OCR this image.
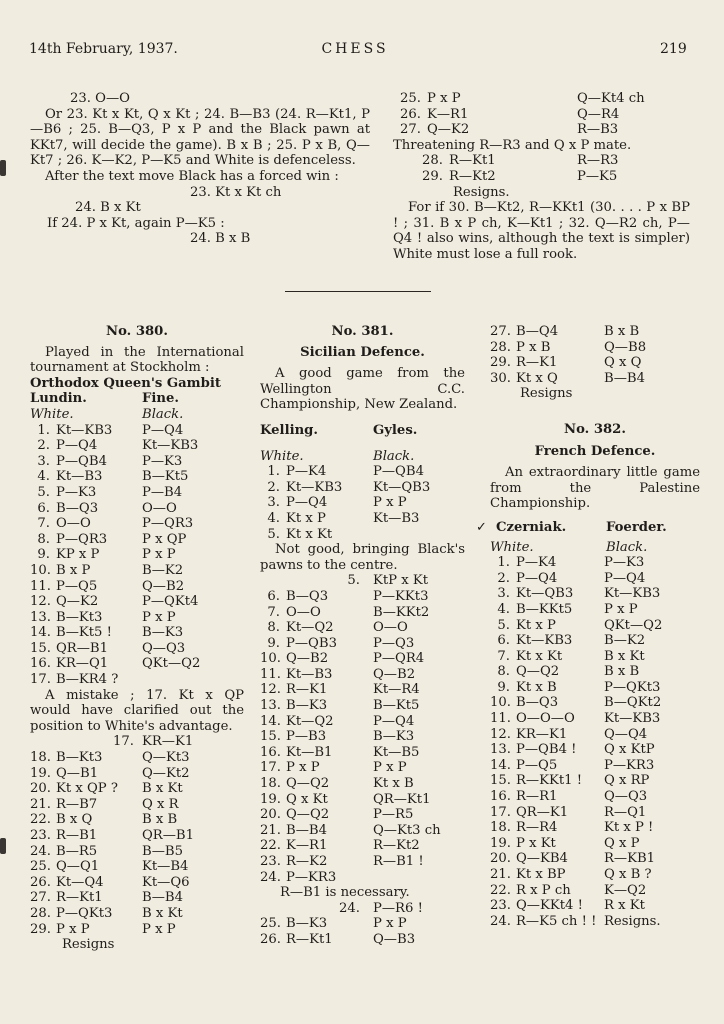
14th February, 1937.	CHESS	219
23. O—O
Or 23. Kt x Kt, Q x Kt ; 24. B—B3 (24. R—Kt1, P—B6 ; 25. B—Q3, P x P and the Black pawn at KKt7, will decide the game). B x B ; 25. P x B, Q—Kt7 ; 26. K—K2, P—K5 and White is defenceless.
After the text move Black has a forced win :
23. Kt x Kt ch
24. B x Kt
If 24. P x Kt, again P—K5 :
24. B x B
25. P x P	Q—Kt4 ch
26. K—R1	Q—R4
27. Q—K2	R—B3
Threatening R—R3 and Q x P mate.
28. R—Kt1	R—R3
29. R—Kt2	P—K5
Resigns.
For if 30. B—Kt2, R—KKt1 (30. . . . P x BP ! ; 31. B x P ch, K—Kt1 ; 32. Q—R2 ch, P—Q4 ! also wins, although the text is simpler) White must lose a full rook.
No. 380.
Played in the International tournament at Stockholm :
Orthodox Queen's Gambit
Lundin.	Fine.
White.	Black.
1. Kt—KB3	P—Q4
2. P—Q4	Kt—KB3
3. P—QB4	P—K3
4. Kt—B3	B—Kt5
5. P—K3	P—B4
6. B—Q3	O—O
7. O—O	P—QR3
8. P—QR3	P x QP
9. KP x P	P x P
10. B x P	B—K2
11. P—Q5	Q—B2
12. Q—K2	P—QKt4
13. B—Kt3	P x P
14. B—Kt5 !	B—K3
15. QR—B1	Q—Q3
16. KR—Q1	QKt—Q2
17. B—KR4 ?
A mistake ; 17. Kt x QP would have clarified out the position to White's advantage.
17. KR—K1
18. B—Kt3	Q—Kt3
19. Q—B1	Q—Kt2
20. Kt x QP ?	B x Kt
21. R—B7	Q x R
22. B x Q	B x B
23. R—B1	QR—B1
24. B—R5	B—B5
25. Q—Q1	Kt—B4
26. Kt—Q4	Kt—Q6
27. R—Kt1	B—B4
28. P—QKt3	B x Kt
29. P x P	P x P
Resigns
No. 381.
Sicilian Defence.
A good game from the Wellington C.C. Championship, New Zealand.
Kelling.	Gyles.
White.	Black.
1. P—K4	P—QB4
2. Kt—KB3	Kt—QB3
3. P—Q4	P x P
4. Kt x P	Kt—B3
5. Kt x Kt
Not good, bringing Black's pawns to the centre.
5. KtP x Kt
6. B—Q3	P—KKt3
7. O—O	B—KKt2
8. Kt—Q2	O—O
9. P—QB3	P—Q3
10. Q—B2	P—QR4
11. Kt—B3	Q—B2
12. R—K1	Kt—R4
13. B—K3	B—Kt5
14. Kt—Q2	P—Q4
15. P—B3	B—K3
16. Kt—B1	Kt—B5
17. P x P	P x P
18. Q—Q2	Kt x B
19. Q x Kt	QR—Kt1
20. Q—Q2	P—R5
21. B—B4	Q—Kt3 ch
22. K—R1	R—Kt2
23. R—K2	R—B1 !
24. P—KR3
R—B1 is necessary.
24. P—R6 !
25. B—K3	P x P
26. R—Kt1	Q—B3
27. B—Q4	B x B
28. P x B	Q—B8
29. R—K1	Q x Q
30. Kt x Q	B—B4
Resigns
No. 382.
French Defence.
An extraordinary little game from the Palestine Championship.
✓ Czerniak.	Foerder.
White.	Black.
1. P—K4	P—K3
2. P—Q4	P—Q4
3. Kt—QB3	Kt—KB3
4. B—KKt5	P x P
5. Kt x P	QKt—Q2
6. Kt—KB3	B—K2
7. Kt x Kt	B x Kt
8. Q—Q2	B x B
9. Kt x B	P—QKt3
10. B—Q3	B—QKt2
11. O—O—O	Kt—KB3
12. KR—K1	Q—Q4
13. P—QB4 !	Q x KtP
14. P—Q5	P—KR3
15. R—KKt1 !	Q x RP
16. R—R1	Q—Q3
17. QR—K1	R—Q1
18. R—R4	Kt x P !
19. P x Kt	Q x P
20. Q—KB4	R—KB1
21. Kt x BP	Q x B ?
22. R x P ch	K—Q2
23. Q—KKt4 !	R x Kt
24. R—K5 ch ! ! Resigns.
